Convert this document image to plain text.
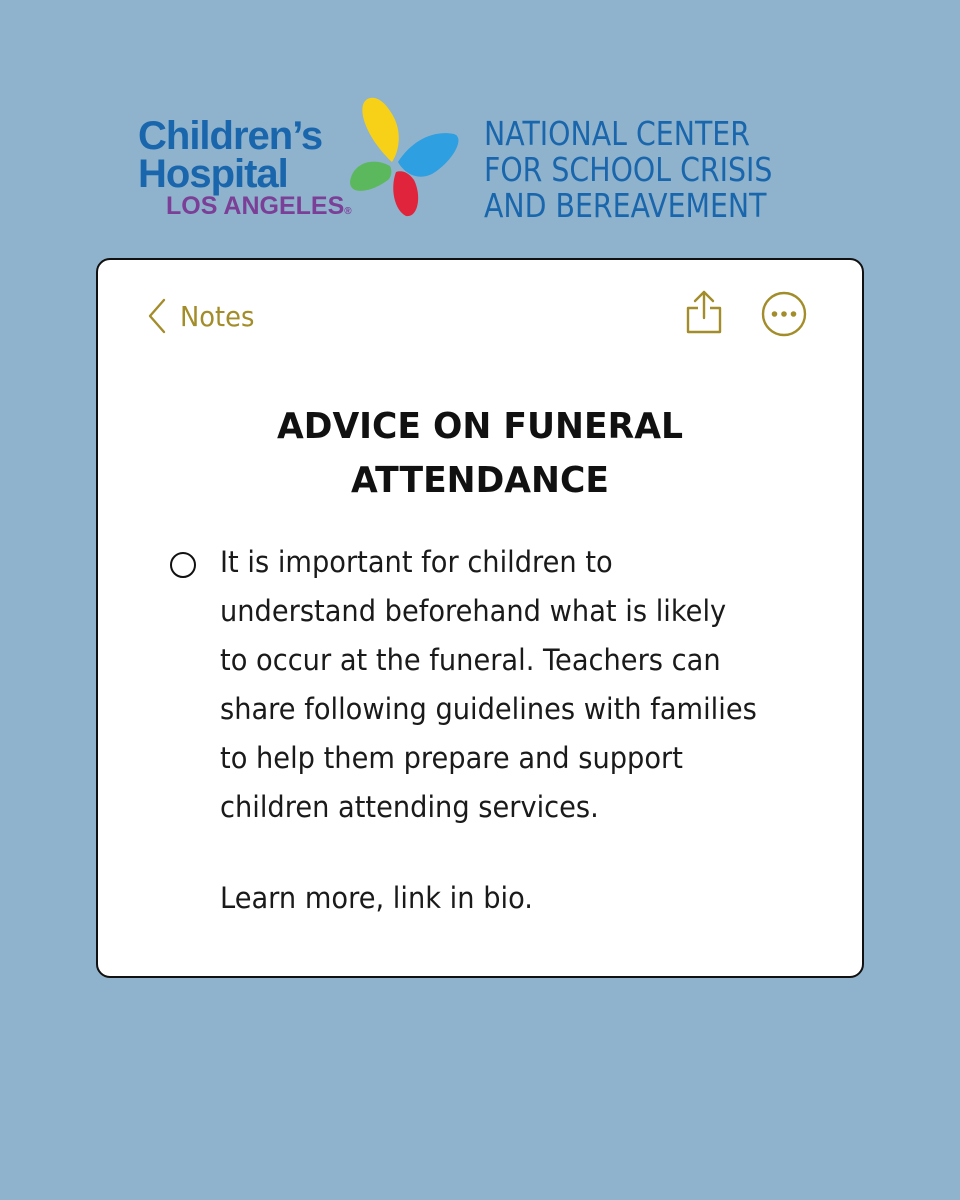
Children’s
Hospital
LOS ANGELES®
NATIONAL CENTER
FOR SCHOOL CRISIS
AND BEREAVEMENT
Notes
ADVICE ON FUNERAL
ATTENDANCE
It is important for children to
understand beforehand what is likely
to occur at the funeral. Teachers can
share following guidelines with families
to help them prepare and support
children attending services.
Learn more, link in bio.
